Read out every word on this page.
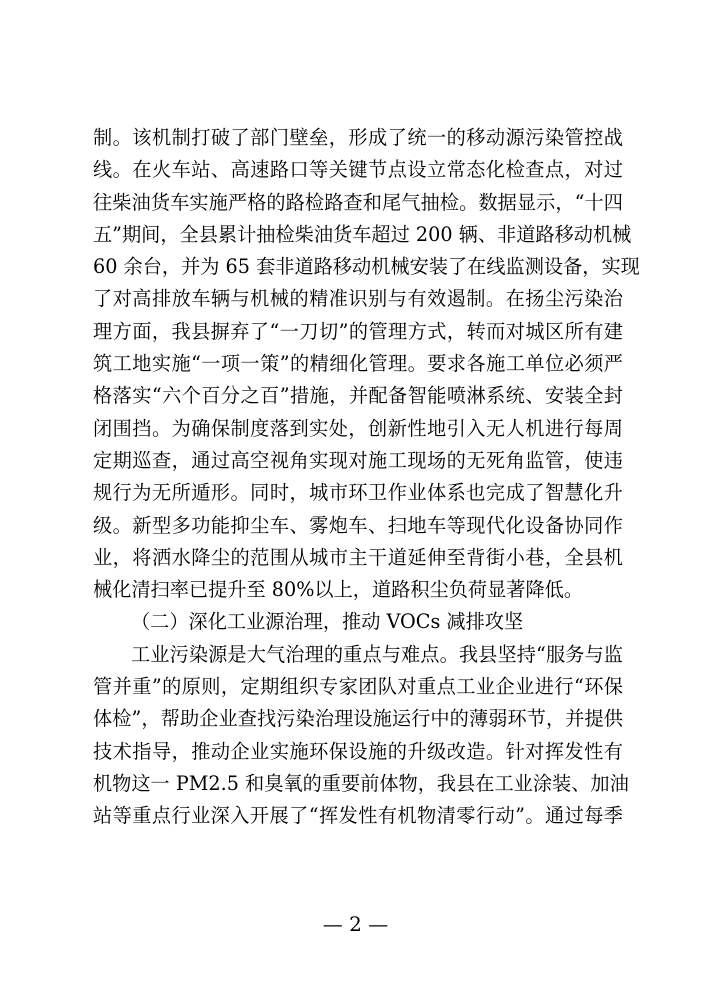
制。该机制打破了部门壁垒，形成了统一的移动源污染管控战
线。在火车站、高速路口等关键节点设立常态化检查点，对过
往柴油货车实施严格的路检路查和尾气抽检。数据显示，“十四
五”期间，全县累计抽检柴油货车超过 200 辆、非道路移动机械
60 余台，并为 65 套非道路移动机械安装了在线监测设备，实现
了对高排放车辆与机械的精准识别与有效遏制。在扬尘污染治
理方面，我县摒弃了“一刀切”的管理方式，转而对城区所有建
筑工地实施“一项一策”的精细化管理。要求各施工单位必须严
格落实“六个百分之百”措施，并配备智能喷淋系统、安装全封
闭围挡。为确保制度落到实处，创新性地引入无人机进行每周
定期巡查，通过高空视角实现对施工现场的无死角监管，使违
规行为无所遁形。同时，城市环卫作业体系也完成了智慧化升
级。新型多功能抑尘车、雾炮车、扫地车等现代化设备协同作
业，将洒水降尘的范围从城市主干道延伸至背街小巷，全县机
械化清扫率已提升至 80%以上，道路积尘负荷显著降低。
（二）深化工业源治理，推动 VOCs 减排攻坚
工业污染源是大气治理的重点与难点。我县坚持“服务与监
管并重”的原则，定期组织专家团队对重点工业企业进行“环保
体检”，帮助企业查找污染治理设施运行中的薄弱环节，并提供
技术指导，推动企业实施环保设施的升级改造。针对挥发性有
机物这一 PM2.5 和臭氧的重要前体物，我县在工业涂装、加油
站等重点行业深入开展了“挥发性有机物清零行动”。通过每季
— 2 —
